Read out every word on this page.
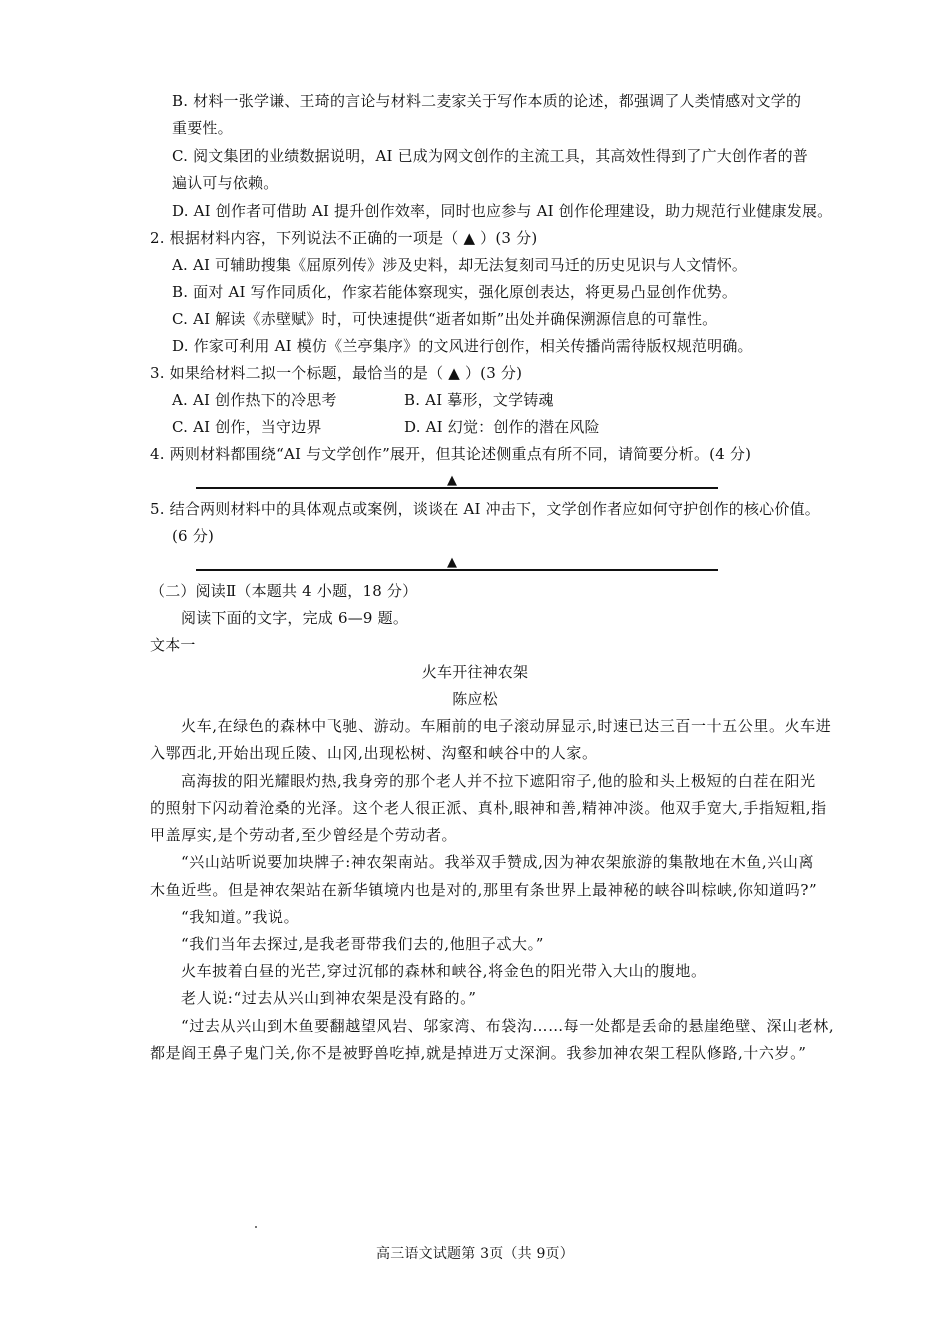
B. 材料一张学谦、王琦的言论与材料二麦家关于写作本质的论述，都强调了人类情感对文学的
重要性。
C. 阅文集团的业绩数据说明，AI 已成为网文创作的主流工具，其高效性得到了广大创作者的普
遍认可与依赖。
D. AI 创作者可借助 AI 提升创作效率，同时也应参与 AI 创作伦理建设，助力规范行业健康发展。
2. 根据材料内容，下列说法不正确的一项是（ ▲ ）(3 分)
A. AI 可辅助搜集《屈原列传》涉及史料，却无法复刻司马迁的历史见识与人文情怀。
B. 面对 AI 写作同质化，作家若能体察现实，强化原创表达，将更易凸显创作优势。
C. AI 解读《赤壁赋》时，可快速提供“逝者如斯”出处并确保溯源信息的可靠性。
D. 作家可利用 AI 模仿《兰亭集序》的文风进行创作，相关传播尚需待版权规范明确。
3. 如果给材料二拟一个标题，最恰当的是（ ▲ ）(3 分)
A. AI 创作热下的冷思考	B. AI 摹形，文学铸魂
C. AI 创作，当守边界	D. AI 幻觉：创作的潜在风险
4. 两则材料都围绕“AI 与文学创作”展开，但其论述侧重点有所不同，请简要分析。(4 分)
▲
5. 结合两则材料中的具体观点或案例，谈谈在 AI 冲击下，文学创作者应如何守护创作的核心价值。
(6 分)
▲
（二）阅读Ⅱ（本题共 4 小题，18 分）
阅读下面的文字，完成 6—9 题。
文本一
火车开往神农架
陈应松
火车,在绿色的森林中飞驰、游动。车厢前的电子滚动屏显示,时速已达三百一十五公里。火车进
入鄂西北,开始出现丘陵、山冈,出现松树、沟壑和峡谷中的人家。
高海拔的阳光耀眼灼热,我身旁的那个老人并不拉下遮阳帘子,他的脸和头上极短的白茬在阳光
的照射下闪动着沧桑的光泽。这个老人很正派、真朴,眼神和善,精神冲淡。他双手宽大,手指短粗,指
甲盖厚实,是个劳动者,至少曾经是个劳动者。
“兴山站听说要加块牌子:神农架南站。我举双手赞成,因为神农架旅游的集散地在木鱼,兴山离
木鱼近些。但是神农架站在新华镇境内也是对的,那里有条世界上最神秘的峡谷叫棕峡,你知道吗?”
“我知道。”我说。
“我们当年去探过,是我老哥带我们去的,他胆子忒大。”
火车披着白昼的光芒,穿过沉郁的森林和峡谷,将金色的阳光带入大山的腹地。
老人说:“过去从兴山到神农架是没有路的。”
“过去从兴山到木鱼要翻越望风岩、邬家湾、布袋沟……每一处都是丢命的悬崖绝壁、深山老林,
都是阎王鼻子鬼门关,你不是被野兽吃掉,就是掉进万丈深涧。我参加神农架工程队修路,十六岁。”
高三语文试题第 3页（共 9页）
